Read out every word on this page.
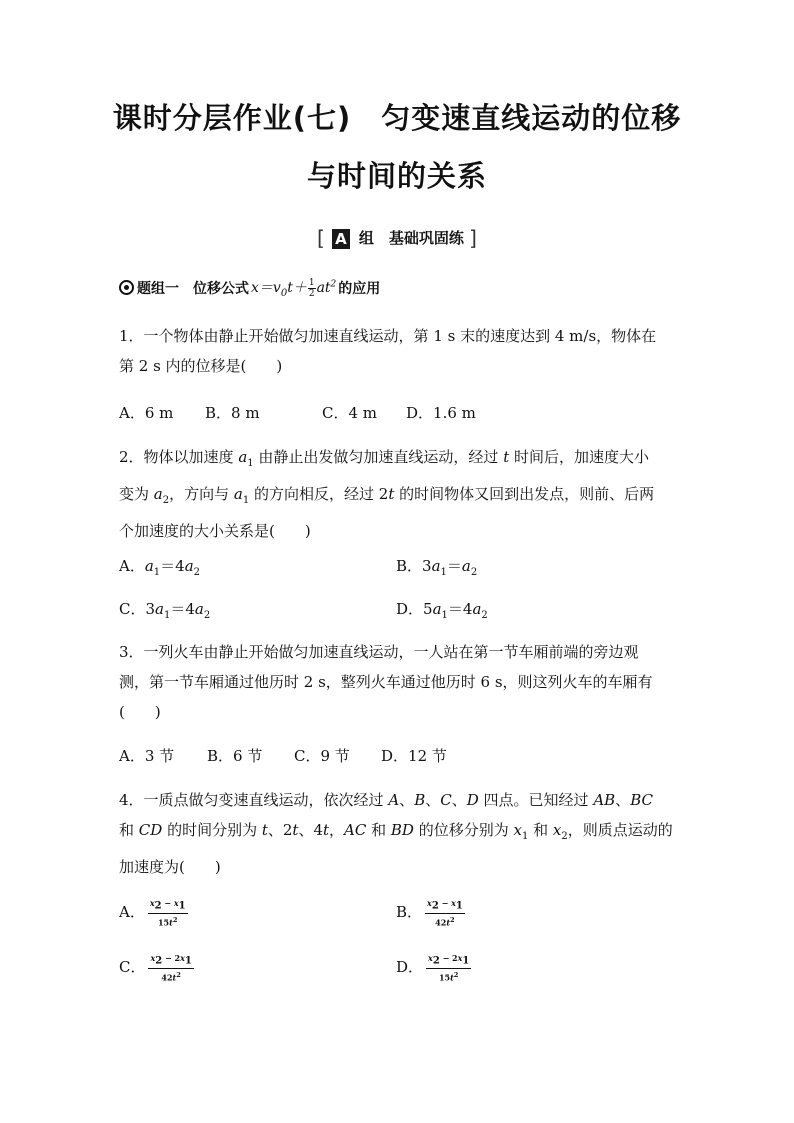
课时分层作业(七)　匀变速直线运动的位移
与时间的关系
[ A 组　基础巩固练 ]
题组一　位移公式 $x=v_0t+ \frac{1}{2} at^2$ 的应用
1．一个物体由静止开始做匀加速直线运动，第 1 s 末的速度达到 4 m/s，物体在
第 2 s 内的位移是(　　)
A．6 m B．8 m	C．4 m D．1.6 m
2．物体以加速度 $a_1$ 由静止出发做匀加速直线运动，经过 t 时间后，加速度大小
变为 $a_2$，方向与 $a_1$ 的方向相反，经过 2t 的时间物体又回到出发点，则前、后两
个加速度的大小关系是(　　)
A．$a_1=4a_2$	B．$3a_1=a_2$
C．$3a_1=4a_2$	D．$5a_1=4a_2$
3．一列火车由静止开始做匀加速直线运动，一人站在第一节车厢前端的旁边观
测，第一节车厢通过他历时 2 s，整列火车通过他历时 6 s，则这列火车的车厢有
(　　)
A．3 节 B．6 节 C．9 节 D．12 节
4．一质点做匀变速直线运动，依次经过 A、B、C、D 四点。已知经过 AB、BC
和 CD 的时间分别为 t、2t、4t，AC 和 BD 的位移分别为 $x_1$ 和 $x_2$，则质点运动的
加速度为(　　)
A． $\frac{x_2 - x_1}{15t^2}$	B． $\frac{x_2 - x_1}{42t^2}$
C． $\frac{x_2 - 2x_1}{42t^2}$	D． $\frac{x_2 - 2x_1}{15t^2}$
